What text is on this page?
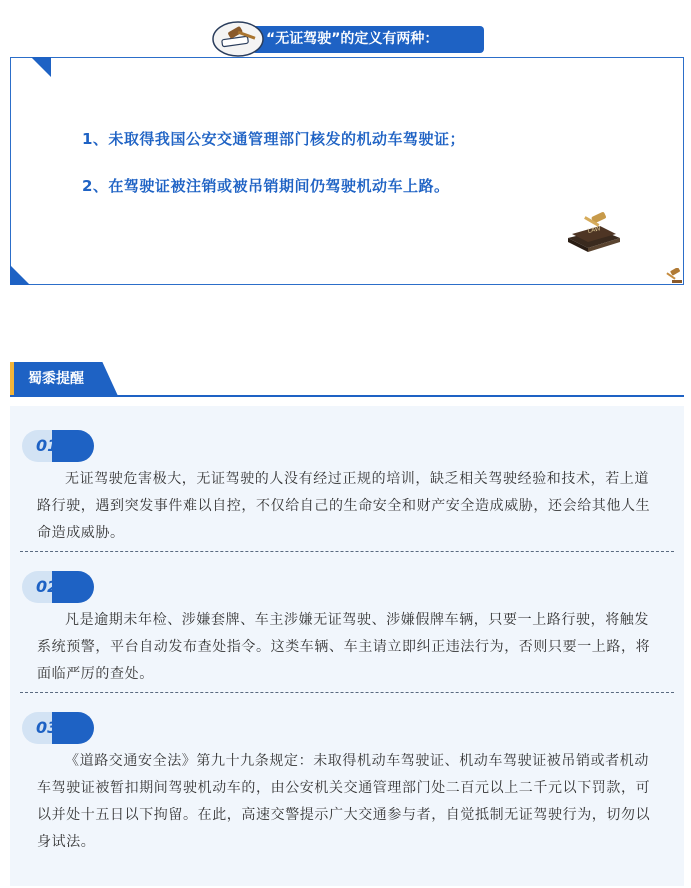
“无证驾驶”的定义有两种：
1、未取得我国公安交通管理部门核发的机动车驾驶证；
2、在驾驶证被注销或被吊销期间仍驾驶机动车上路。
LAW
蜀黍提醒
01
无证驾驶危害极大，无证驾驶的人没有经过正规的培训，缺乏相关驾驶经验和技术，若上道路行驶，遇到突发事件难以自控，不仅给自己的生命安全和财产安全造成威胁，还会给其他人生命造成威胁。
02
凡是逾期未年检、涉嫌套牌、车主涉嫌无证驾驶、涉嫌假牌车辆，只要一上路行驶，将触发系统预警，平台自动发布查处指令。这类车辆、车主请立即纠正违法行为，否则只要一上路，将面临严厉的查处。
03
《道路交通安全法》第九十九条规定：未取得机动车驾驶证、机动车驾驶证被吊销或者机动车驾驶证被暂扣期间驾驶机动车的，由公安机关交通管理部门处二百元以上二千元以下罚款，可以并处十五日以下拘留。在此，高速交警提示广大交通参与者，自觉抵制无证驾驶行为，切勿以身试法。
